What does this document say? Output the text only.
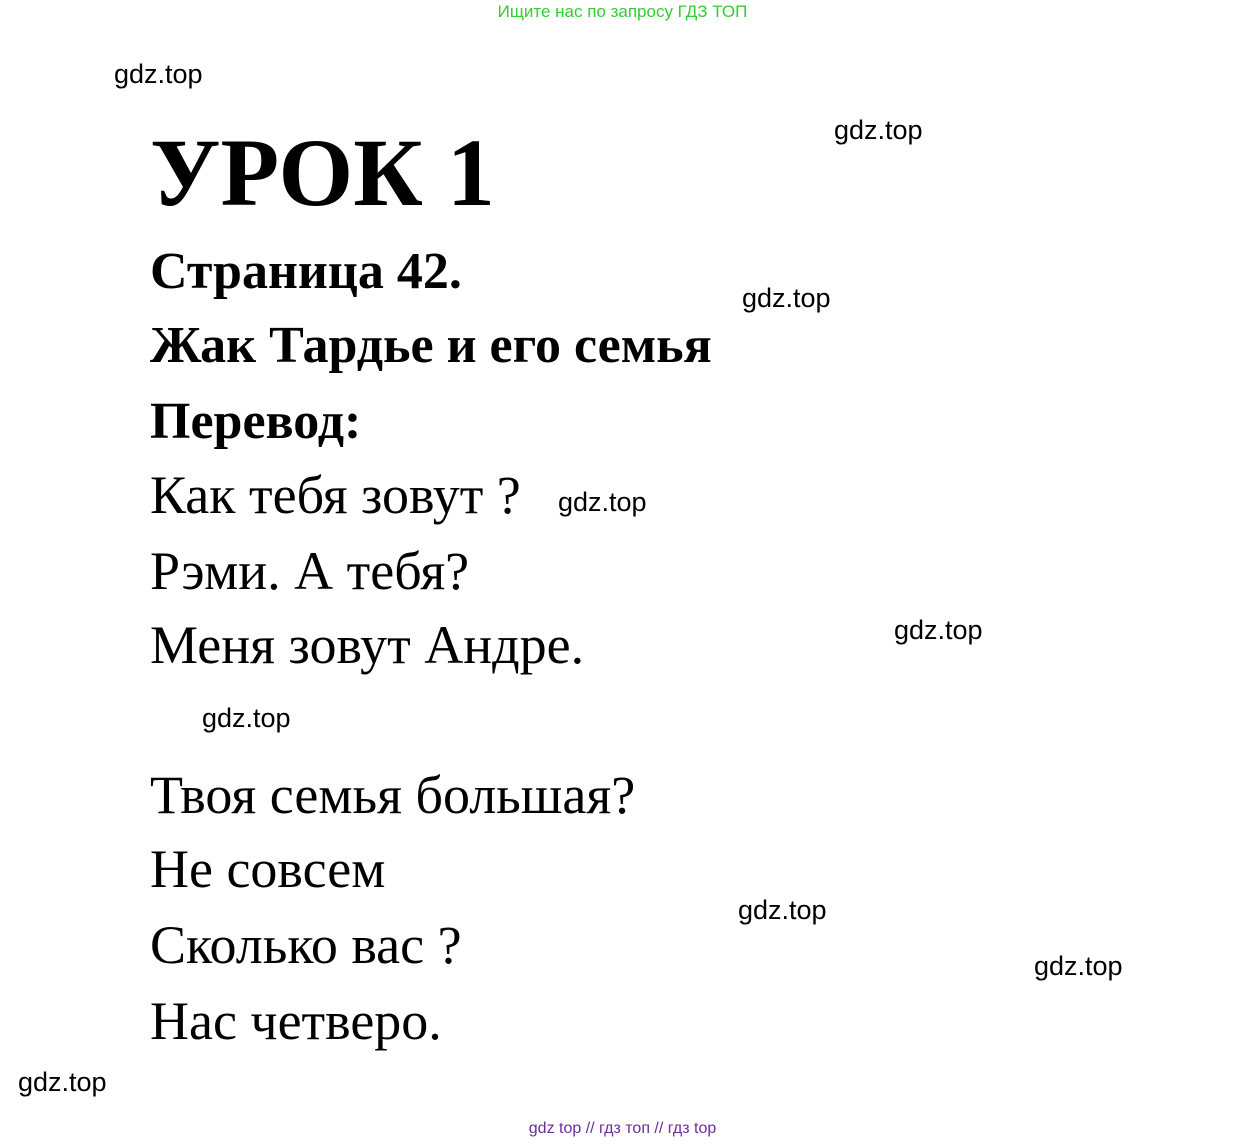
Ищите нас по запросу ГДЗ ТОП
gdz.top
gdz.top
gdz.top
gdz.top
gdz.top
gdz.top
gdz.top
gdz.top
gdz.top
УРОК 1
Страница 42.
Жак Тардье и его семья
Перевод:
Как тебя зовут ?
Рэми. А тебя?
Меня зовут Андре.
Твоя семья большая?
Не совсем
Сколько вас ?
Нас четверо.
gdz top // гдз топ // гдз top
